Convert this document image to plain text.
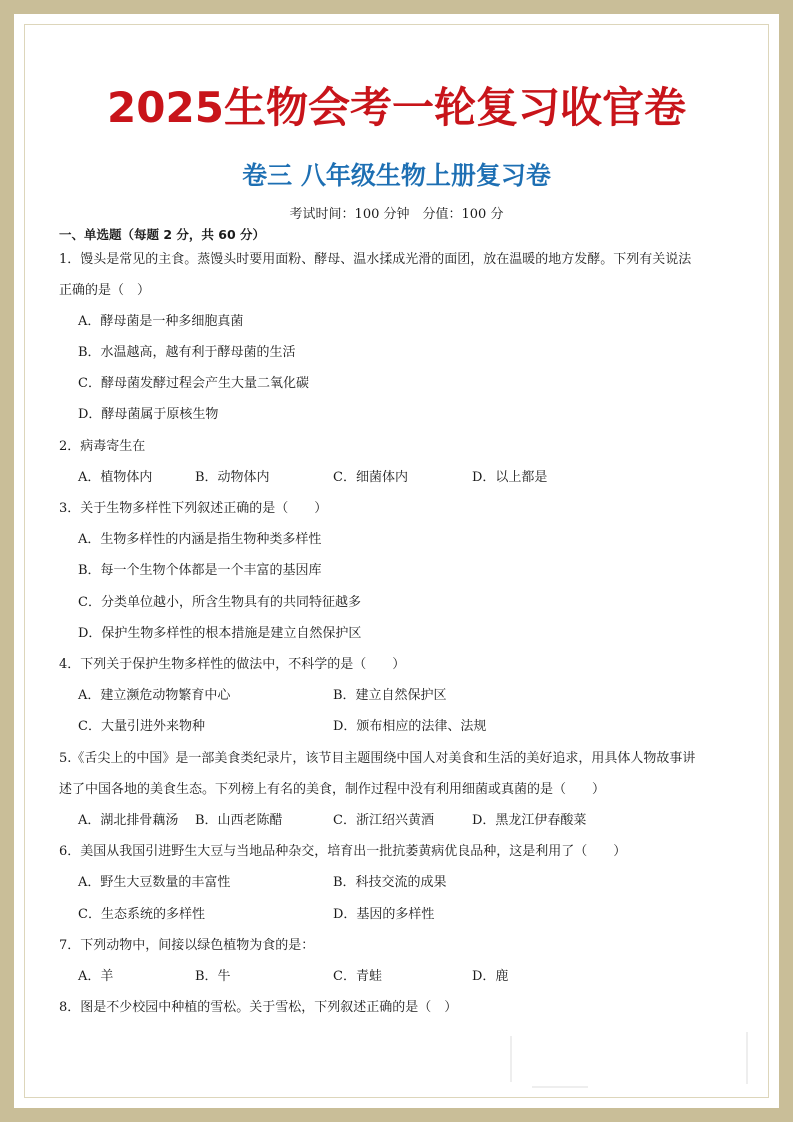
2025生物会考一轮复习收官卷
卷三 八年级生物上册复习卷
考试时间：100 分钟　分值：100 分
一、单选题（每题 2 分，共 60 分）
1．馒头是常见的主食。蒸馒头时要用面粉、酵母、温水揉成光滑的面团，放在温暖的地方发酵。下列有关说法
正确的是（　）
A．酵母菌是一种多细胞真菌
B．水温越高，越有利于酵母菌的生活
C．酵母菌发酵过程会产生大量二氧化碳
D．酵母菌属于原核生物
2．病毒寄生在
A．植物体内	B．动物体内	C．细菌体内	D．以上都是
3．关于生物多样性下列叙述正确的是（　　）
A．生物多样性的内涵是指生物种类多样性
B．每一个生物个体都是一个丰富的基因库
C．分类单位越小，所含生物具有的共同特征越多
D．保护生物多样性的根本措施是建立自然保护区
4．下列关于保护生物多样性的做法中，不科学的是（　　）
A．建立濒危动物繁育中心	B．建立自然保护区
C．大量引进外来物种	D．颁布相应的法律、法规
5.《舌尖上的中国》是一部美食类纪录片，该节目主题围绕中国人对美食和生活的美好追求，用具体人物故事讲
述了中国各地的美食生态。下列榜上有名的美食，制作过程中没有利用细菌或真菌的是（　　）
A．湖北排骨藕汤 B．山西老陈醋	C．浙江绍兴黄酒	D．黑龙江伊春酸菜
6．美国从我国引进野生大豆与当地品种杂交，培育出一批抗萎黄病优良品种，这是利用了（　　）
A．野生大豆数量的丰富性	B．科技交流的成果
C．生态系统的多样性	D．基因的多样性
7．下列动物中，间接以绿色植物为食的是：
A．羊	B．牛	C．青蛙	D．鹿
8．图是不少校园中种植的雪松。关于雪松，下列叙述正确的是（　）
